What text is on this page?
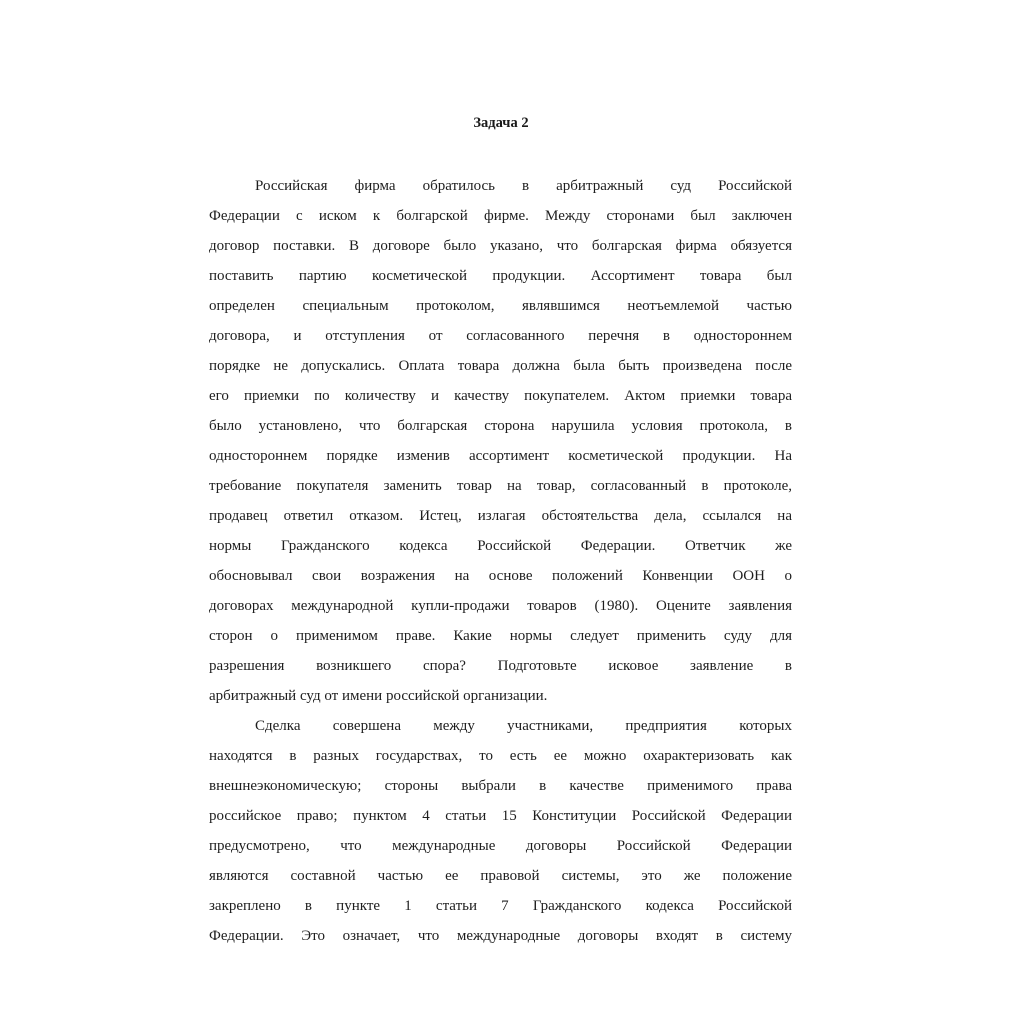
Задача 2
Российская фирма обратилось в арбитражный суд Российской
Федерации с иском к болгарской фирме. Между сторонами был заключен
договор поставки. В договоре было указано, что болгарская фирма обязуется
поставить партию косметической продукции. Ассортимент товара был
определен специальным протоколом, являвшимся неотъемлемой частью
договора, и отступления от согласованного перечня в одностороннем
порядке не допускались. Оплата товара должна была быть произведена после
его приемки по количеству и качеству покупателем. Актом приемки товара
было установлено, что болгарская сторона нарушила условия протокола, в
одностороннем порядке изменив ассортимент косметической продукции. На
требование покупателя заменить товар на товар, согласованный в протоколе,
продавец ответил отказом. Истец, излагая обстоятельства дела, ссылался на
нормы Гражданского кодекса Российской Федерации. Ответчик же
обосновывал свои возражения на основе положений Конвенции ООН о
договорах международной купли-продажи товаров (1980). Оцените заявления
сторон о применимом праве. Какие нормы следует применить суду для
разрешения возникшего спора? Подготовьте исковое заявление в
арбитражный суд от имени российской организации.
Сделка совершена между участниками, предприятия которых
находятся в разных государствах, то есть ее можно охарактеризовать как
внешнеэкономическую; стороны выбрали в качестве применимого права
российское право; пунктом 4 статьи 15 Конституции Российской Федерации
предусмотрено, что международные договоры Российской Федерации
являются составной частью ее правовой системы, это же положение
закреплено в пункте 1 статьи 7 Гражданского кодекса Российской
Федерации. Это означает, что международные договоры входят в систему
